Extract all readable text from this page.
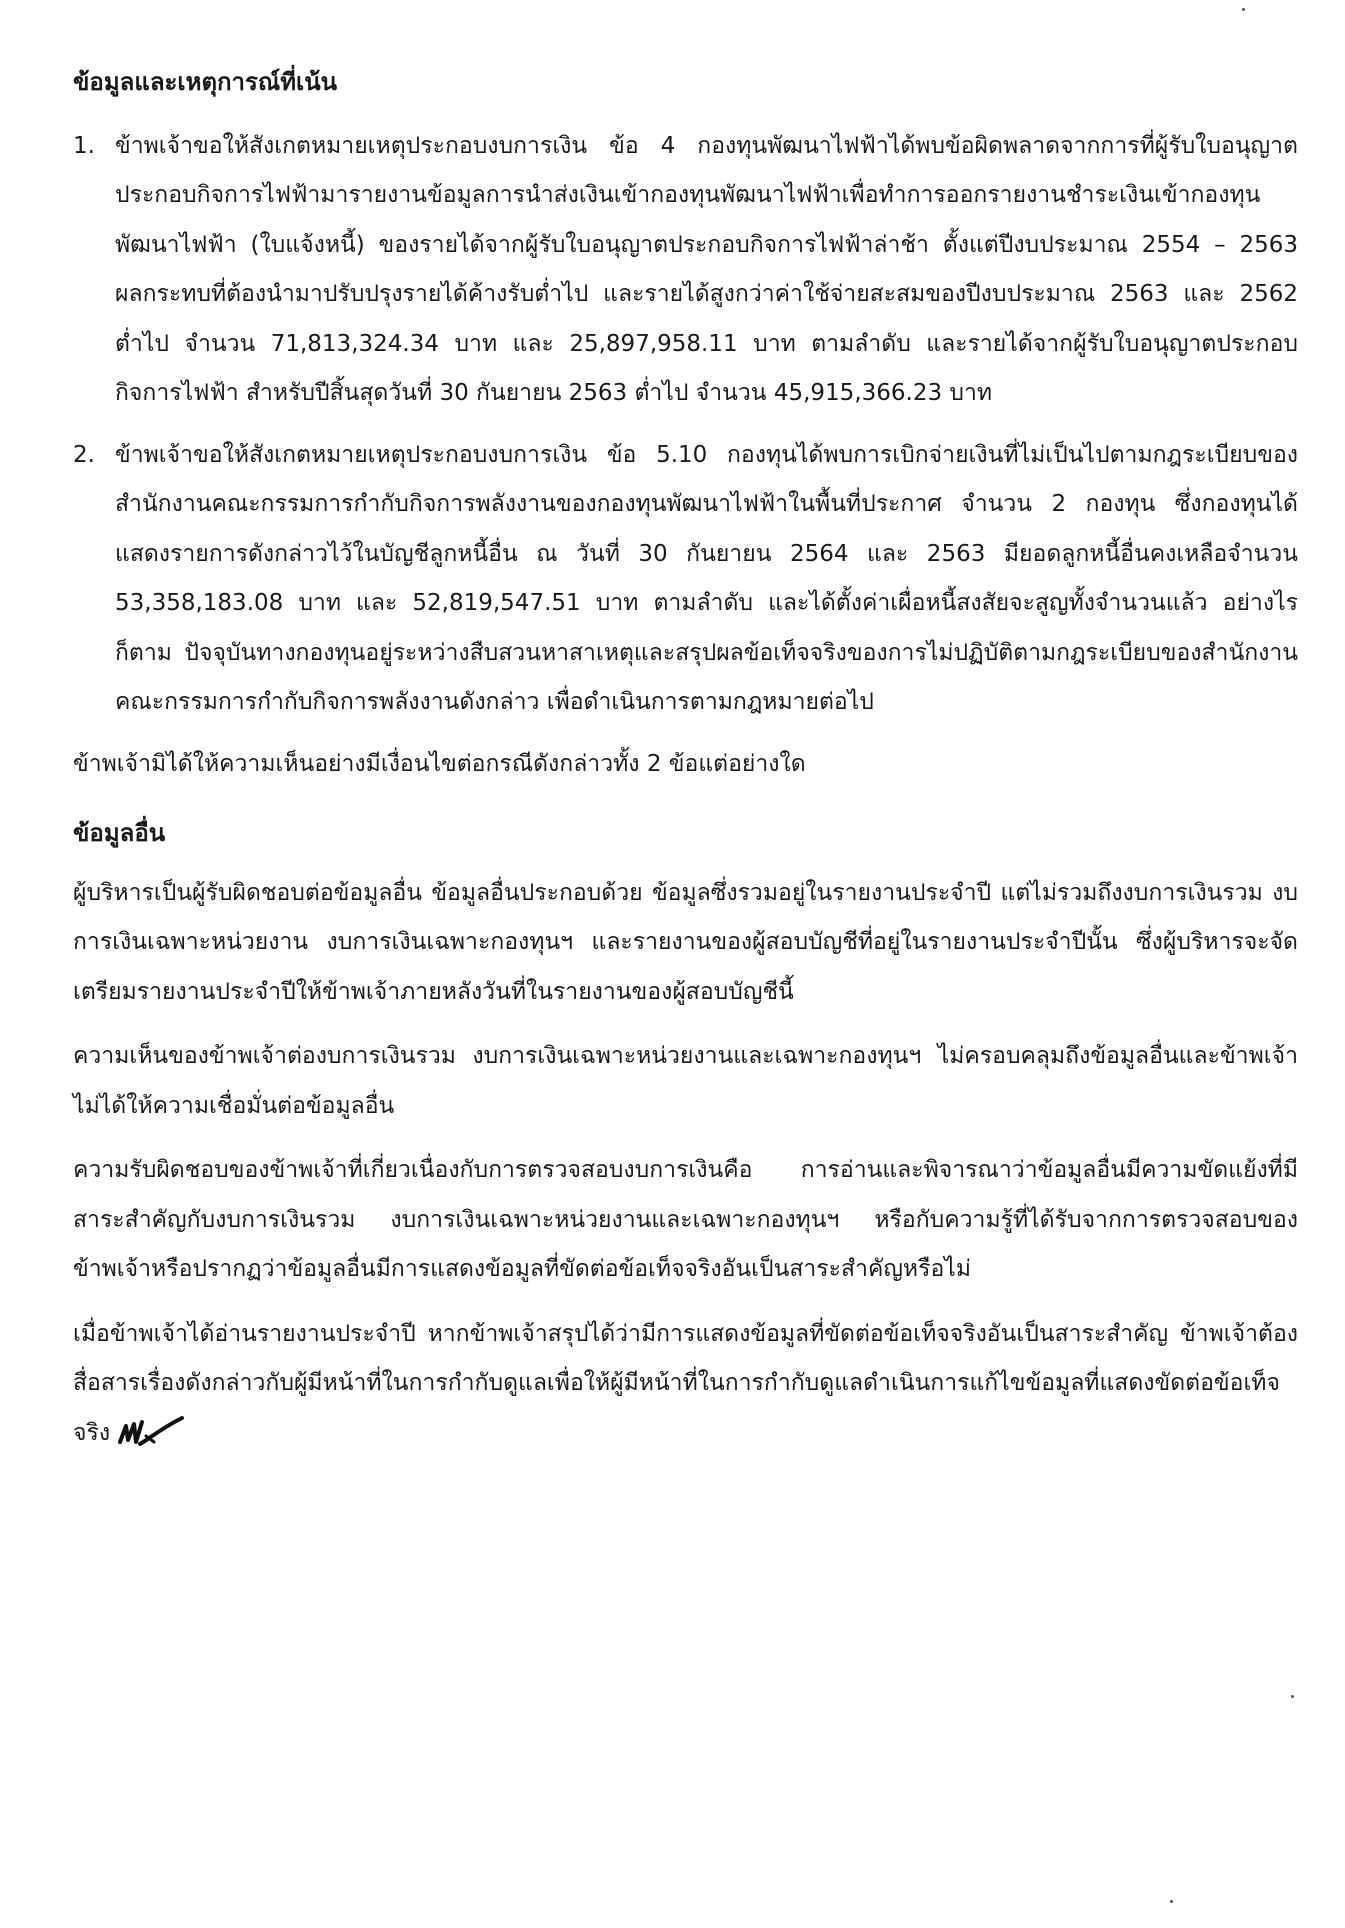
ข้อมูลและเหตุการณ์ที่เน้น

1. ข้าพเจ้าขอให้สังเกตหมายเหตุประกอบงบการเงิน ข้อ 4 กองทุนพัฒนาไฟฟ้าได้พบข้อผิดพลาดจากการที่ผู้รับใบอนุญาตประกอบกิจการไฟฟ้ามารายงานข้อมูลการนำส่งเงินเข้ากองทุนพัฒนาไฟฟ้าเพื่อทำการออกรายงานชำระเงินเข้ากองทุนพัฒนาไฟฟ้า (ใบแจ้งหนี้) ของรายได้จากผู้รับใบอนุญาตประกอบกิจการไฟฟ้าล่าช้า ตั้งแต่ปีงบประมาณ 2554 – 2563 ผลกระทบที่ต้องนำมาปรับปรุงรายได้ค้างรับต่ำไป และรายได้สูงกว่าค่าใช้จ่ายสะสมของปีงบประมาณ 2563 และ 2562 ต่ำไป จำนวน 71,813,324.34 บาท และ 25,897,958.11 บาท ตามลำดับ และรายได้จากผู้รับใบอนุญาตประกอบกิจการไฟฟ้า สำหรับปีสิ้นสุดวันที่ 30 กันยายน 2563 ต่ำไป จำนวน 45,915,366.23 บาท

2. ข้าพเจ้าขอให้สังเกตหมายเหตุประกอบงบการเงิน ข้อ 5.10 กองทุนได้พบการเบิกจ่ายเงินที่ไม่เป็นไปตามกฎระเบียบของสำนักงานคณะกรรมการกำกับกิจการพลังงานของกองทุนพัฒนาไฟฟ้าในพื้นที่ประกาศ จำนวน 2 กองทุน ซึ่งกองทุนได้แสดงรายการดังกล่าวไว้ในบัญชีลูกหนี้อื่น ณ วันที่ 30 กันยายน 2564 และ 2563 มียอดลูกหนี้อื่นคงเหลือจำนวน 53,358,183.08 บาท และ 52,819,547.51 บาท ตามลำดับ และได้ตั้งค่าเผื่อหนี้สงสัยจะสูญทั้งจำนวนแล้ว อย่างไรก็ตาม ปัจจุบันทางกองทุนอยู่ระหว่างสืบสวนหาสาเหตุและสรุปผลข้อเท็จจริงของการไม่ปฏิบัติตามกฎระเบียบของสำนักงานคณะกรรมการกำกับกิจการพลังงานดังกล่าว เพื่อดำเนินการตามกฎหมายต่อไป

ข้าพเจ้ามิได้ให้ความเห็นอย่างมีเงื่อนไขต่อกรณีดังกล่าวทั้ง 2 ข้อแต่อย่างใด

ข้อมูลอื่น

ผู้บริหารเป็นผู้รับผิดชอบต่อข้อมูลอื่น ข้อมูลอื่นประกอบด้วย ข้อมูลซึ่งรวมอยู่ในรายงานประจำปี แต่ไม่รวมถึงงบการเงินรวม งบการเงินเฉพาะหน่วยงาน งบการเงินเฉพาะกองทุนฯ และรายงานของผู้สอบบัญชีที่อยู่ในรายงานประจำปีนั้น ซึ่งผู้บริหารจะจัดเตรียมรายงานประจำปีให้ข้าพเจ้าภายหลังวันที่ในรายงานของผู้สอบบัญชีนี้

ความเห็นของข้าพเจ้าต่องบการเงินรวม งบการเงินเฉพาะหน่วยงานและเฉพาะกองทุนฯ ไม่ครอบคลุมถึงข้อมูลอื่นและข้าพเจ้าไม่ได้ให้ความเชื่อมั่นต่อข้อมูลอื่น

ความรับผิดชอบของข้าพเจ้าที่เกี่ยวเนื่องกับการตรวจสอบงบการเงินคือ การอ่านและพิจารณาว่าข้อมูลอื่นมีความขัดแย้งที่มีสาระสำคัญกับงบการเงินรวม งบการเงินเฉพาะหน่วยงานและเฉพาะกองทุนฯ หรือกับความรู้ที่ได้รับจากการตรวจสอบของข้าพเจ้าหรือปรากฏว่าข้อมูลอื่นมีการแสดงข้อมูลที่ขัดต่อข้อเท็จจริงอันเป็นสาระสำคัญหรือไม่

เมื่อข้าพเจ้าได้อ่านรายงานประจำปี หากข้าพเจ้าสรุปได้ว่ามีการแสดงข้อมูลที่ขัดต่อข้อเท็จจริงอันเป็นสาระสำคัญ ข้าพเจ้าต้องสื่อสารเรื่องดังกล่าวกับผู้มีหน้าที่ในการกำกับดูแลเพื่อให้ผู้มีหน้าที่ในการกำกับดูแลดำเนินการแก้ไขข้อมูลที่แสดงขัดต่อข้อเท็จจริง
